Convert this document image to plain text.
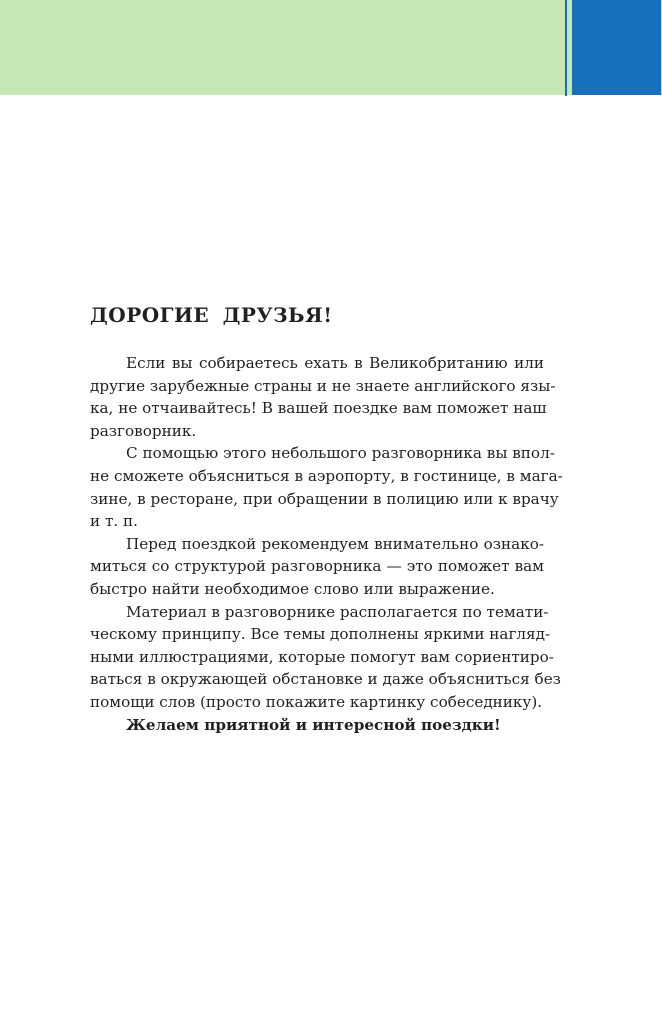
ДОРОГИЕ ДРУЗЬЯ!

Если вы собираетесь ехать в Великобританию или
другие зарубежные страны и не знаете английского язы-
ка, не отчаивайтесь! В вашей поездке вам поможет наш
разговорник.

С помощью этого небольшого разговорника вы впол-
не сможете объясниться в аэропорту, в гостинице, в мага-
зине, в ресторане, при обращении в полицию или к врачу
и т. п.

Перед поездкой рекомендуем внимательно ознако-
миться со структурой разговорника — это поможет вам
быстро найти необходимое слово или выражение.

Материал в разговорнике располагается по темати-
ческому принципу. Все темы дополнены яркими нагляд-
ными иллюстрациями, которые помогут вам сориентиро-
ваться в окружающей обстановке и даже объясниться без
помощи слов (просто покажите картинку собеседнику).

Желаем приятной и интересной поездки!
